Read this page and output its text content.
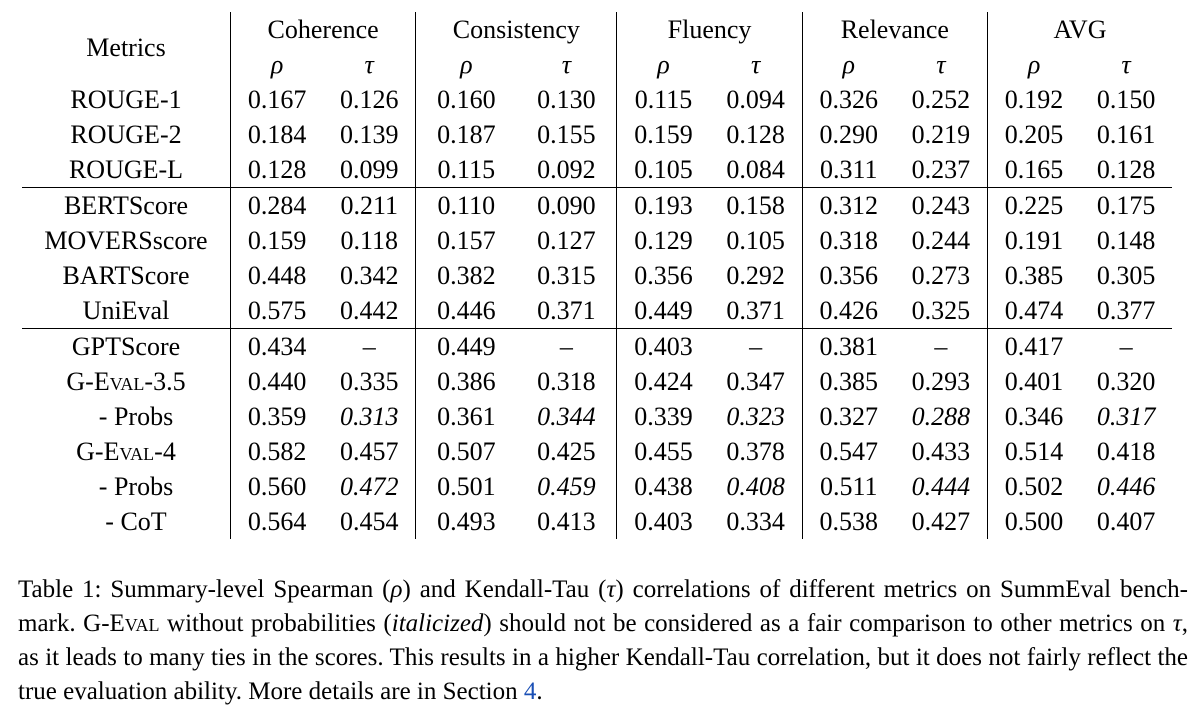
Metrics	Coherence		Consistency		Fluency		Relevance		AVG	
	ρ	τ	ρ	τ	ρ	τ	ρ	τ	ρ	τ
ROUGE-1	0.167	0.126	0.160	0.130	0.115	0.094	0.326	0.252	0.192	0.150
ROUGE-2	0.184	0.139	0.187	0.155	0.159	0.128	0.290	0.219	0.205	0.161
ROUGE-L	0.128	0.099	0.115	0.092	0.105	0.084	0.311	0.237	0.165	0.128
BERTScore	0.284	0.211	0.110	0.090	0.193	0.158	0.312	0.243	0.225	0.175
MOVERSscore	0.159	0.118	0.157	0.127	0.129	0.105	0.318	0.244	0.191	0.148
BARTScore	0.448	0.342	0.382	0.315	0.356	0.292	0.356	0.273	0.385	0.305
UniEval	0.575	0.442	0.446	0.371	0.449	0.371	0.426	0.325	0.474	0.377
GPTScore	0.434	–	0.449	–	0.403	–	0.381	–	0.417	–
G-Eval-3.5	0.440	0.335	0.386	0.318	0.424	0.347	0.385	0.293	0.401	0.320
- Probs	0.359	0.313	0.361	0.344	0.339	0.323	0.327	0.288	0.346	0.317
G-Eval-4	0.582	0.457	0.507	0.425	0.455	0.378	0.547	0.433	0.514	0.418
- Probs	0.560	0.472	0.501	0.459	0.438	0.408	0.511	0.444	0.502	0.446
- CoT	0.564	0.454	0.493	0.413	0.403	0.334	0.538	0.427	0.500	0.407
Table 1: Summary-level Spearman (ρ) and Kendall-Tau (τ) correlations of different metrics on SummEval bench-mark. G-Eval without probabilities (italicized) should not be considered as a fair comparison to other metrics on τ, as it leads to many ties in the scores. This results in a higher Kendall-Tau correlation, but it does not fairly reflect the true evaluation ability. More details are in Section 4.
